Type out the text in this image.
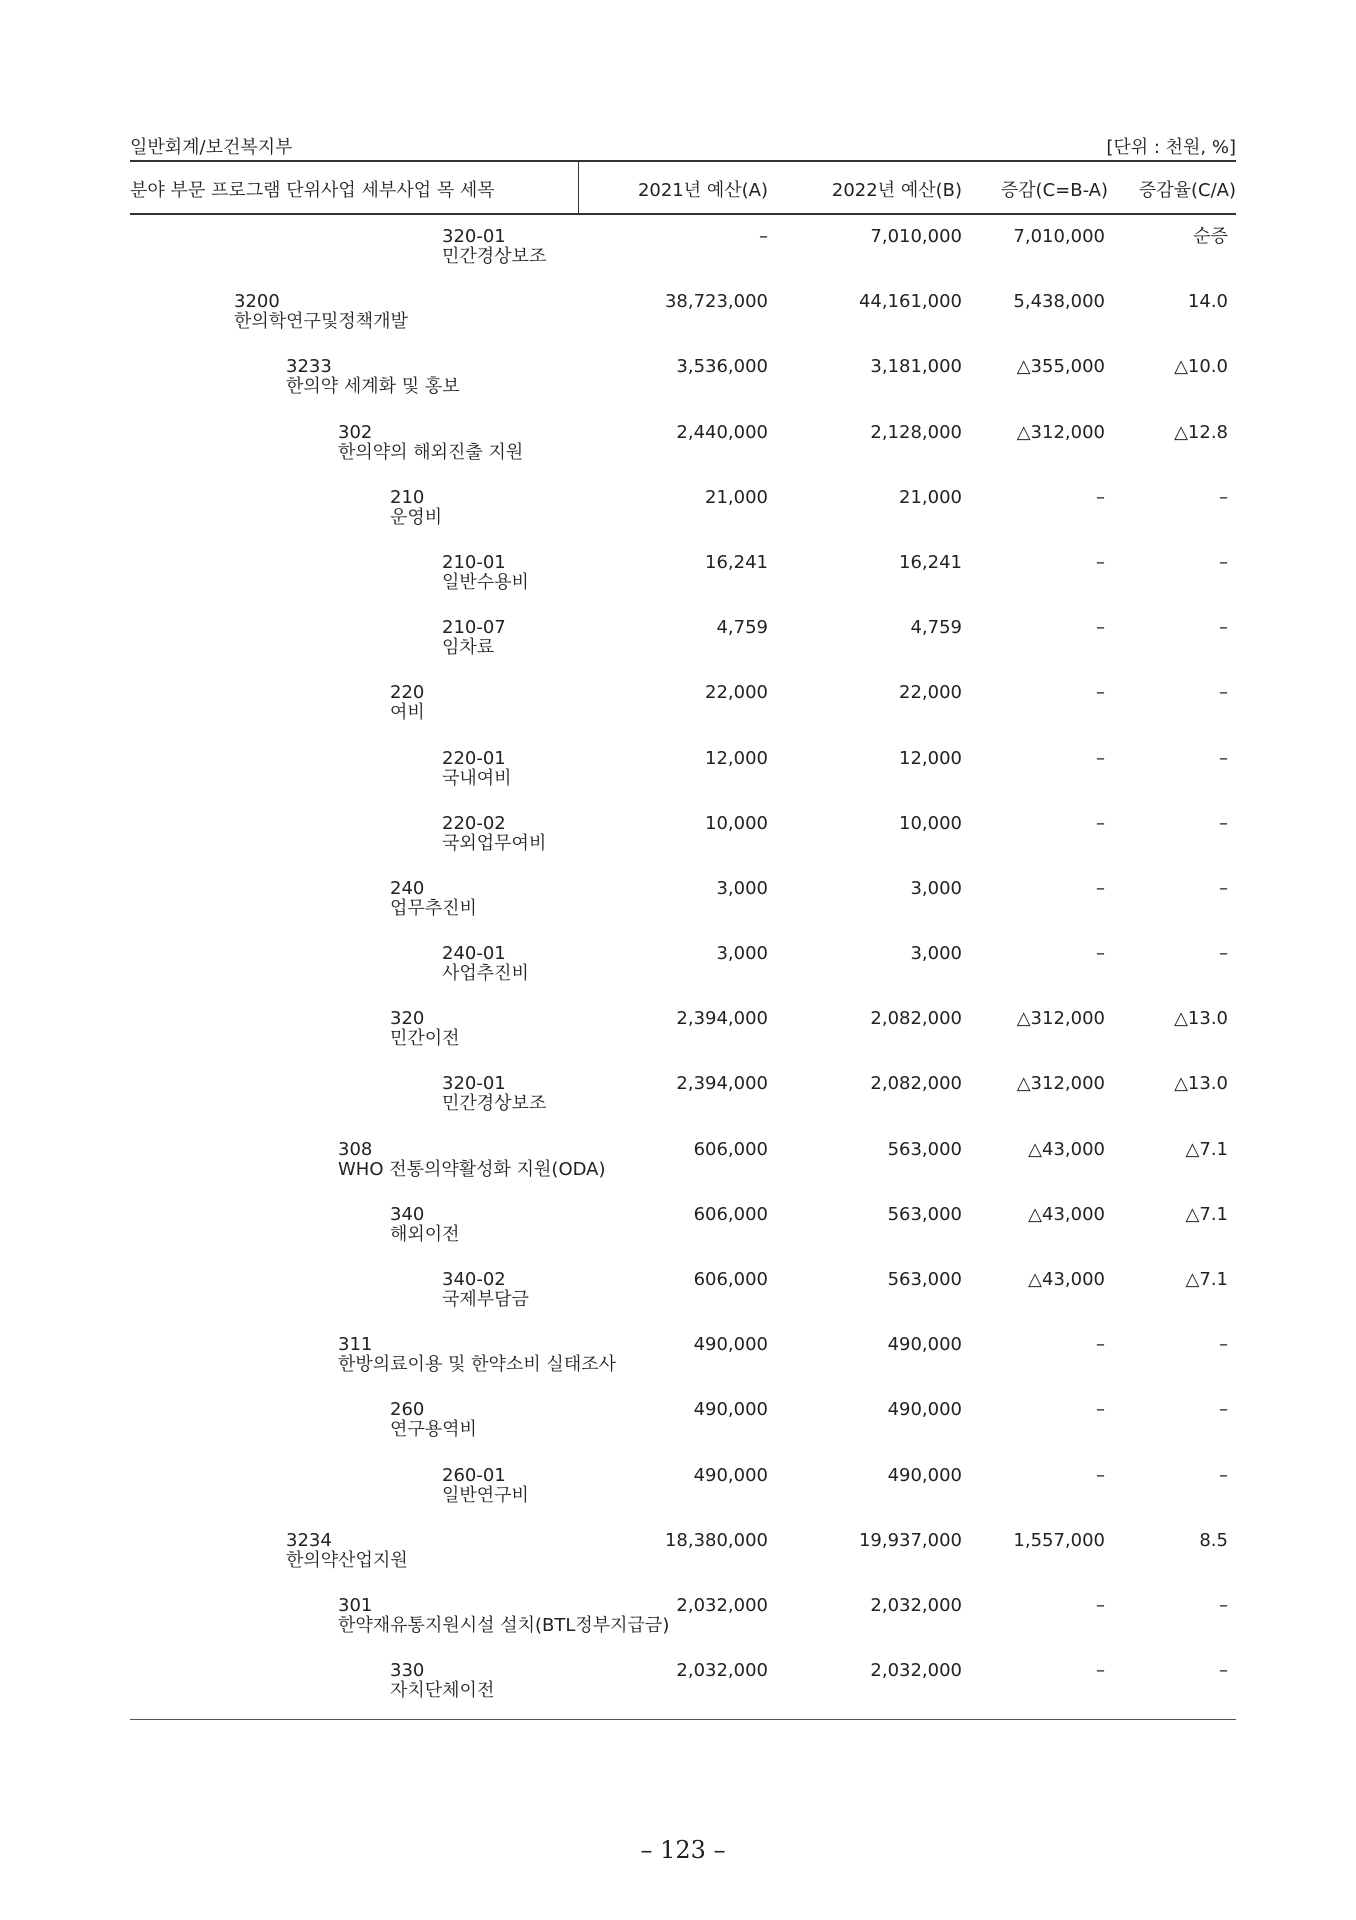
일반회계/보건복지부	[단위 : 천원, %]
분야 부문 프로그램 단위사업 세부사업 목 세목	2021년 예산(A)	2022년 예산(B) 증감(C=B-A) 증감율(C/A)
320-01
민간경상보조
–	7,010,000	7,010,000	순증
3200
한의학연구및정책개발
38,723,000	44,161,000	5,438,000	14.0
3233
한의약 세계화 및 홍보
3,536,000	3,181,000	△355,000	△10.0
302
한의약의 해외진출 지원
2,440,000	2,128,000	△312,000	△12.8
210
운영비
21,000	21,000	–	–
210-01
일반수용비
16,241	16,241	–	–
210-07
임차료
4,759	4,759	–	–
220
여비
22,000	22,000	–	–
220-01
국내여비
12,000	12,000	–	–
220-02
국외업무여비
10,000	10,000	–	–
240
업무추진비
3,000	3,000	–	–
240-01
사업추진비
3,000	3,000	–	–
320
민간이전
2,394,000	2,082,000	△312,000	△13.0
320-01
민간경상보조
2,394,000	2,082,000	△312,000	△13.0
308
WHO 전통의약활성화 지원(ODA)
606,000	563,000	△43,000	△7.1
340
해외이전
606,000	563,000	△43,000	△7.1
340-02
국제부담금
606,000	563,000	△43,000	△7.1
311
한방의료이용 및 한약소비 실태조사
490,000	490,000	–	–
260
연구용역비
490,000	490,000	–	–
260-01
일반연구비
490,000	490,000	–	–
3234
한의약산업지원
18,380,000	19,937,000	1,557,000	8.5
301
한약재유통지원시설 설치(BTL정부지급금)
2,032,000	2,032,000	–	–
330
자치단체이전
2,032,000	2,032,000	–	–
– 123 –
